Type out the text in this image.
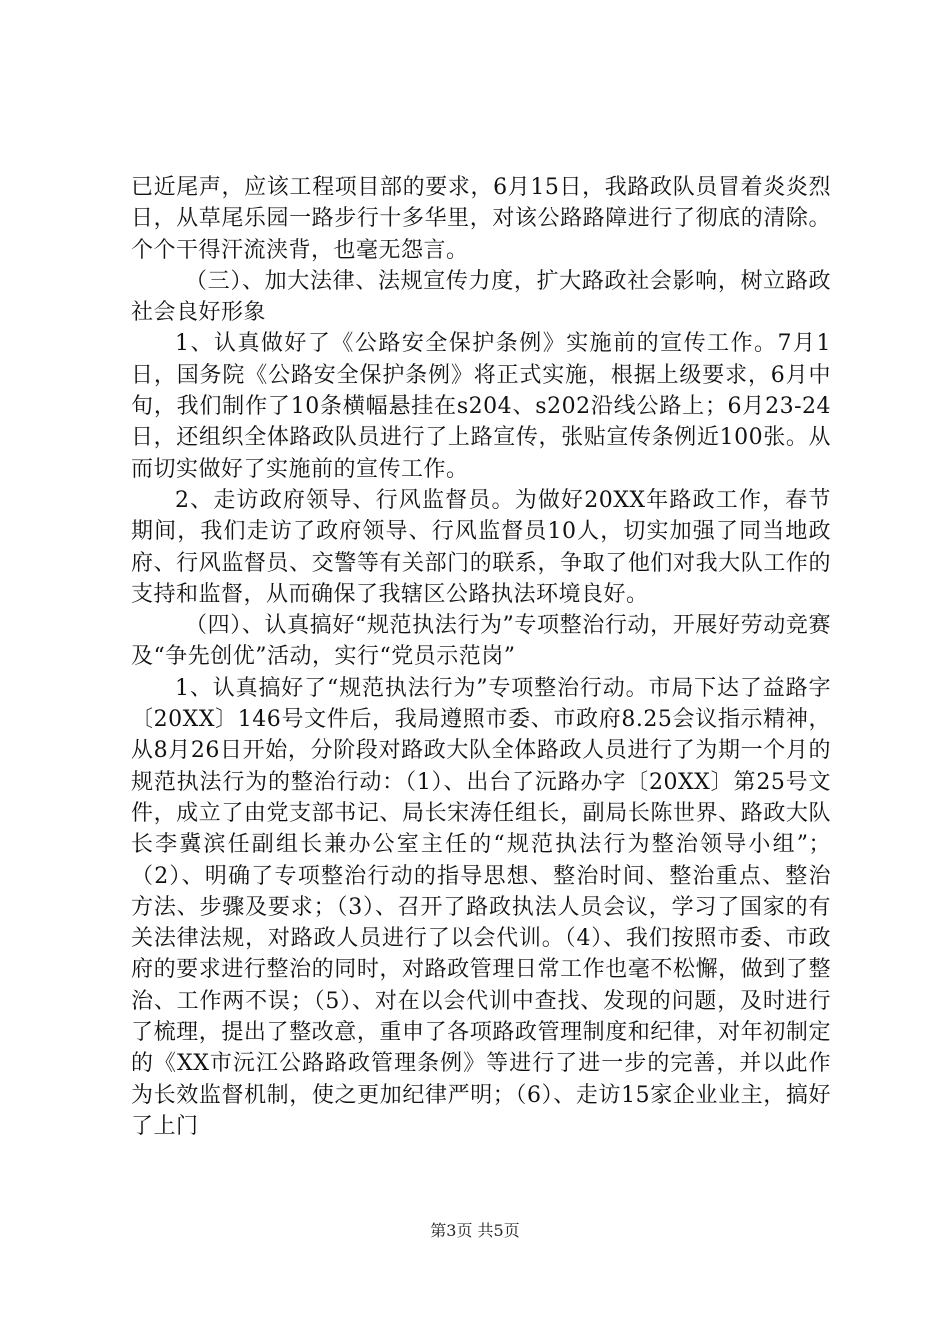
已近尾声，应该工程项目部的要求，6月15日，我路政队员冒着炎炎烈日，从草尾乐园一路步行十多华里，对该公路路障进行了彻底的清除。个个干得汗流浃背，也毫无怨言。

（三）、加大法律、法规宣传力度，扩大路政社会影响，树立路政社会良好形象

1、认真做好了《公路安全保护条例》实施前的宣传工作。7月1日，国务院《公路安全保护条例》将正式实施，根据上级要求，6月中旬，我们制作了10条横幅悬挂在s204、s202沿线公路上；6月23-24日，还组织全体路政队员进行了上路宣传，张贴宣传条例近100张。从而切实做好了实施前的宣传工作。

2、走访政府领导、行风监督员。为做好20XX年路政工作，春节期间，我们走访了政府领导、行风监督员10人，切实加强了同当地政府、行风监督员、交警等有关部门的联系，争取了他们对我大队工作的支持和监督，从而确保了我辖区公路执法环境良好。

（四）、认真搞好“规范执法行为”专项整治行动，开展好劳动竞赛及“争先创优”活动，实行“党员示范岗”

1、认真搞好了“规范执法行为”专项整治行动。市局下达了益路字〔20XX〕146号文件后，我局遵照市委、市政府8.25会议指示精神，从8月26日开始，分阶段对路政大队全体路政人员进行了为期一个月的规范执法行为的整治行动：（1）、出台了沅路办字〔20XX〕第25号文件，成立了由党支部书记、局长宋涛任组长，副局长陈世界、路政大队长李冀滨任副组长兼办公室主任的“规范执法行为整治领导小组”；（2）、明确了专项整治行动的指导思想、整治时间、整治重点、整治方法、步骤及要求；（3）、召开了路政执法人员会议，学习了国家的有关法律法规，对路政人员进行了以会代训。（4）、我们按照市委、市政府的要求进行整治的同时，对路政管理日常工作也毫不松懈，做到了整治、工作两不误；（5）、对在以会代训中查找、发现的问题，及时进行了梳理，提出了整改意，重申了各项路政管理制度和纪律，对年初制定的《XX市沅江公路路政管理条例》等进行了进一步的完善，并以此作为长效监督机制，使之更加纪律严明；（6）、走访15家企业业主，搞好了上门

第3页 共5页
